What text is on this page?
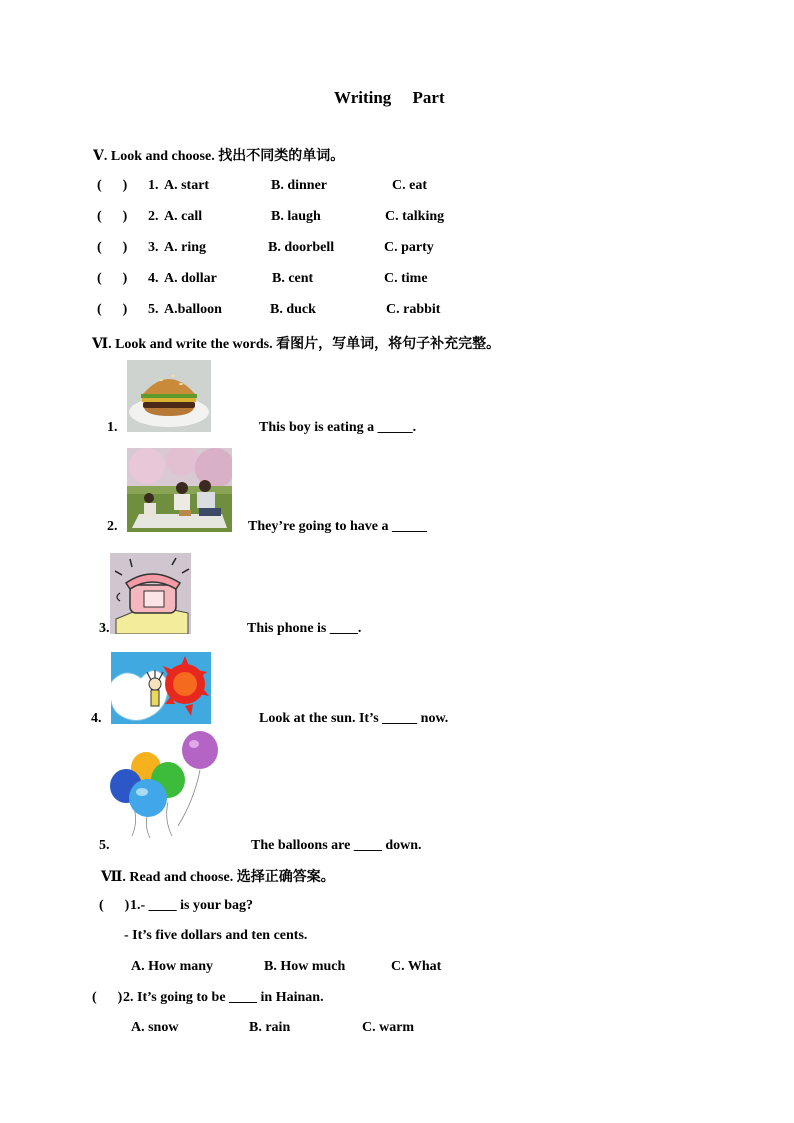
Writing     Part
Ⅴ. Look and choose. 找出不同类的单词。
(      ) 1. A. start	B. dinner	C. eat
(      ) 2. A. call	B. laugh	C. talking
(      ) 3. A. ring	B. doorbell	C. party
(      ) 4. A. dollar	B. cent	C. time
(      ) 5. A.balloon	B. duck	C. rabbit
Ⅵ. Look and write the words. 看图片，写单词，将句子补充完整。
1.	This boy is eating a _____.
2.	They’re going to have a _____
3.	This phone is ____.
4.	Look at the sun. It’s _____ now.
5.	The balloons are ____ down.
Ⅶ. Read and choose. 选择正确答案。
(      ) 1.- ____ is your bag?
- It’s five dollars and ten cents.
A. How many	B. How much	C. What
(      ) 2. It’s going to be ____ in Hainan.
A. snow	B. rain	C. warm
